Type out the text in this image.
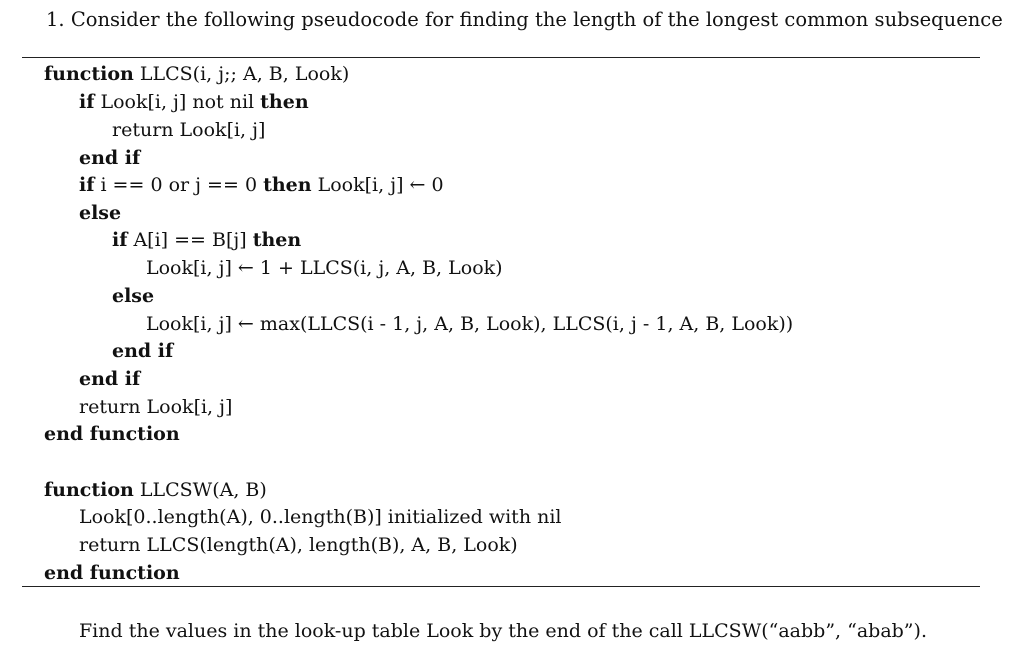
1. Consider the following pseudocode for finding the length of the longest common subsequence
function LLCS(i, j;; A, B, Look)
if Look[i, j] not nil then
return Look[i, j]
end if
if i == 0 or j == 0 then Look[i, j] ← 0
else
if A[i] == B[j] then
Look[i, j] ← 1 + LLCS(i, j, A, B, Look)
else
Look[i, j] ← max(LLCS(i - 1, j, A, B, Look), LLCS(i, j - 1, A, B, Look))
end if
end if
return Look[i, j]
end function
function LLCSW(A, B)
Look[0..length(A), 0..length(B)] initialized with nil
return LLCS(length(A), length(B), A, B, Look)
end function
Find the values in the look-up table Look by the end of the call LLCSW(“aabb”, “abab”).
